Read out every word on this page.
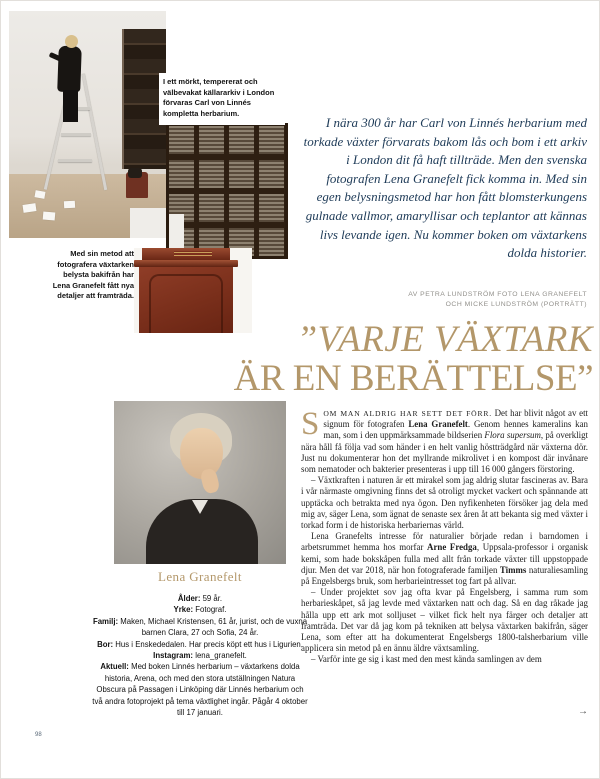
I ett mörkt, tempererat och välbevakat källararkiv i London förvaras Carl von Linnés kompletta herbarium.
Med sin metod att fotografera växtarken belysta bakifrån har Lena Granefelt fått nya detaljer att framträda.
I nära 300 år har Carl von Linnés herbarium med torkade växter förvarats bakom lås och bom i ett arkiv i London dit få haft tillträde. Men den svenska fotografen Lena Granefelt fick komma in. Med sin egen belysningsmetod har hon fått blomsterkungens gulnade vallmor, amaryllisar och teplantor att kännas livs levande igen. Nu kommer boken om växtarkens dolda historier.
AV PETRA LUNDSTRÖM FOTO LENA GRANEFELT
OCH MICKE LUNDSTRÖM (PORTRÄTT)
”VARJE VÄXTARK
ÄR EN BERÄTTELSE”
Lena Granefelt
Ålder: 59 år.
Yrke: Fotograf.
Familj: Maken, Michael Kristensen, 61 år, jurist, och de vuxna barnen Clara, 27 och Sofia, 24 år.
Bor: Hus i Enskededalen. Har precis köpt ett hus i Ligurien.
Instagram: lena_granefelt.
Aktuell: Med boken Linnés herbarium – växtarkens dolda historia, Arena, och med den stora utställningen Natura Obscura på Passagen i Linköping där Linnés herbarium och två andra fotoprojekt på tema växtlighet ingår. Pågår 4 oktober till 17 januari.

SOM MAN ALDRIG HAR SETT DET FÖRR. Det har blivit något av ett signum för fotografen Lena Granefelt. Genom hennes kameralins kan man, som i den uppmärksammade bildserien Flora supersum, på overkligt nära håll få följa vad som händer i en helt vanlig höstträdgård när växterna dör. Just nu dokumenterar hon det myllrande mikrolivet i en kompost där invånare som nematoder och bakterier presenteras i upp till 16 000 gångers förstoring.

– Växtkraften i naturen är ett mirakel som jag aldrig slutar fascineras av. Bara i vår närmaste omgivning finns det så otroligt mycket vackert och spännande att upptäcka och betrakta med nya ögon. Den nyfikenheten försöker jag dela med mig av, säger Lena, som ägnat de senaste sex åren åt att bekanta sig med växter i torkad form i de historiska herbariernas värld.

Lena Granefelts intresse för naturalier började redan i barndomen i arbetsrummet hemma hos morfar Arne Fredga, Uppsala-professor i organisk kemi, som hade bokskåpen fulla med allt från torkade växter till uppstoppade djur. Men det var 2018, när hon fotograferade familjen Timms naturaliesamling på Engelsbergs bruk, som herbarieintresset tog fart på allvar.

– Under projektet sov jag ofta kvar på Engelsberg, i samma rum som herbarieskåpet, så jag levde med växtarken natt och dag. Så en dag råkade jag hålla upp ett ark mot solljuset – vilket fick helt nya färger och detaljer att framträda. Det var då jag kom på tekniken att belysa växtarken bakifrån, säger Lena, som efter att ha dokumenterat Engelsbergs 1800-talsherbarium ville applicera sin metod på en ännu äldre växtsamling.

– Varför inte ge sig i kast med den mest kända samlingen av dem

→
98
